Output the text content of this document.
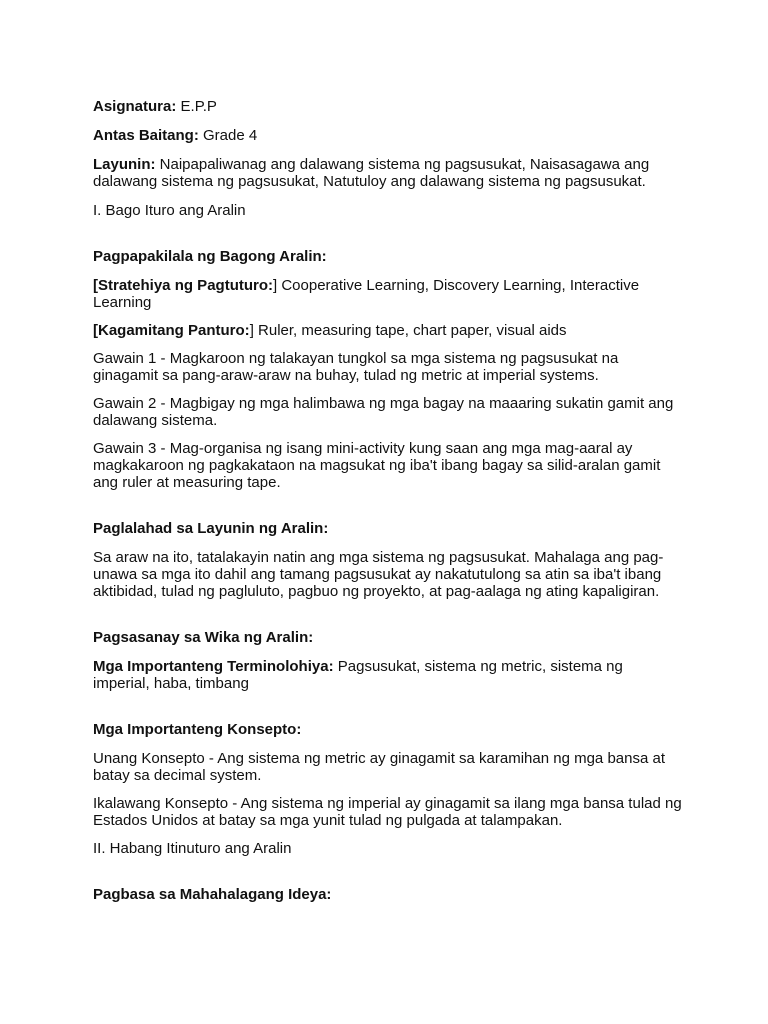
Asignatura: E.P.P

Antas Baitang: Grade 4

Layunin: Naipapaliwanag ang dalawang sistema ng pagsusukat, Naisasagawa ang dalawang sistema ng pagsusukat, Natutuloy ang dalawang sistema ng pagsusukat.

I. Bago Ituro ang Aralin

Pagpapakilala ng Bagong Aralin:

[Stratehiya ng Pagtuturo:] Cooperative Learning, Discovery Learning, Interactive Learning

[Kagamitang Panturo:] Ruler, measuring tape, chart paper, visual aids

Gawain 1 - Magkaroon ng talakayan tungkol sa mga sistema ng pagsusukat na ginagamit sa pang-araw-araw na buhay, tulad ng metric at imperial systems.

Gawain 2 - Magbigay ng mga halimbawa ng mga bagay na maaaring sukatin gamit ang dalawang sistema.

Gawain 3 - Mag-organisa ng isang mini-activity kung saan ang mga mag-aaral ay magkakaroon ng pagkakataon na magsukat ng iba't ibang bagay sa silid-aralan gamit ang ruler at measuring tape.

Paglalahad sa Layunin ng Aralin:

Sa araw na ito, tatalakayin natin ang mga sistema ng pagsusukat. Mahalaga ang pag-unawa sa mga ito dahil ang tamang pagsusukat ay nakatutulong sa atin sa iba't ibang aktibidad, tulad ng pagluluto, pagbuo ng proyekto, at pag-aalaga ng ating kapaligiran.

Pagsasanay sa Wika ng Aralin:

Mga Importanteng Terminolohiya: Pagsusukat, sistema ng metric, sistema ng imperial, haba, timbang

Mga Importanteng Konsepto:

Unang Konsepto - Ang sistema ng metric ay ginagamit sa karamihan ng mga bansa at batay sa decimal system.

Ikalawang Konsepto - Ang sistema ng imperial ay ginagamit sa ilang mga bansa tulad ng Estados Unidos at batay sa mga yunit tulad ng pulgada at talampakan.

II. Habang Itinuturo ang Aralin

Pagbasa sa Mahahalagang Ideya:
